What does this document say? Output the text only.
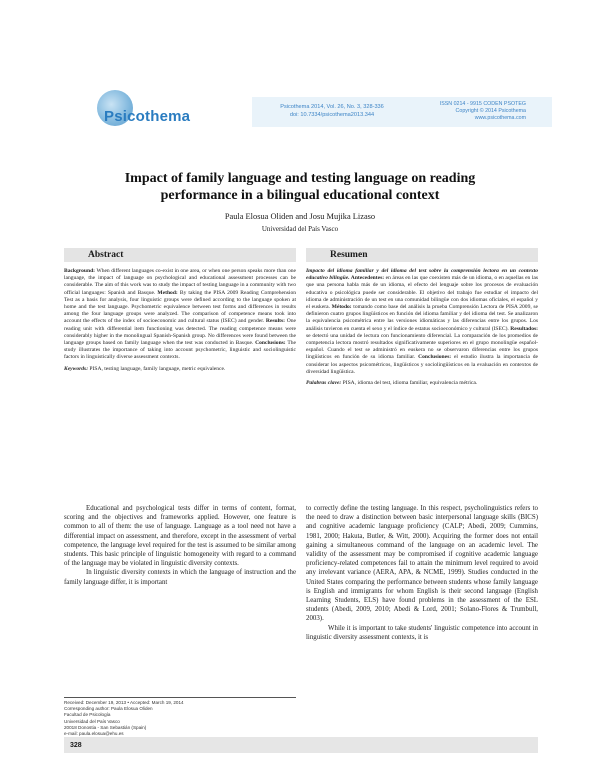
Psicothema
Psicothema 2014, Vol. 26, No. 3, 328-336
doi: 10.7334/psicothema2013.344
ISSN 0214 - 9915 CODEN PSOTEG
Copyright © 2014 Psicothema
www.psicothema.com
Impact of family language and testing language on reading performance in a bilingual educational context
Paula Elosua Oliden and Josu Mujika Lizaso
Universidad del País Vasco
Abstract	Resumen
Background: When different languages co-exist in one area, or when one person speaks more than one language, the impact of language on psychological and educational assessment processes can be considerable. The aim of this work was to study the impact of testing language in a community with two official languages: Spanish and Basque. Method: By taking the PISA 2009 Reading Comprehension Test as a basis for analysis, four linguistic groups were defined according to the language spoken at home and the test language. Psychometric equivalence between test forms and differences in results among the four language groups were analyzed. The comparison of competence means took into account the effects of the index of socioeconomic and cultural status (ISEC) and gender. Results: One reading unit with differential item functioning was detected. The reading competence means were considerably higher in the monolingual Spanish-Spanish group. No differences were found between the language groups based on family language when the test was conducted in Basque. Conclusions: The study illustrates the importance of taking into account psychometric, linguistic and sociolinguistic factors in linguistically diverse assessment contexts.
Keywords: PISA, testing language, family language, metric equivalence.
Impacto del idioma familiar y del idioma del test sobre la comprensión lectora en un contexto educativo bilingüe. Antecedentes: en áreas en las que coexisten más de un idioma, o en aquellas en las que una persona habla más de un idioma, el efecto del lenguaje sobre los procesos de evaluación educativa o psicológica puede ser considerable. El objetivo del trabajo fue estudiar el impacto del idioma de administración de un test en una comunidad bilingüe con dos idiomas oficiales, el español y el euskera. Método: tomando como base del análisis la prueba Comprensión Lectora de PISA 2009, se definieron cuatro grupos lingüísticos en función del idioma familiar y del idioma del test. Se analizaron la equivalencia psicométrica entre las versiones idiomáticas y las diferencias entre los grupos. Los análisis tuvieron en cuenta el sexo y el índice de estatus socioeconómico y cultural (ISEC). Resultados: se detectó una unidad de lectura con funcionamiento diferencial. La comparación de los promedios de competencia lectora mostró resultados significativamente superiores en el grupo monolingüe español-español. Cuando el test se administró en euskera no se observaron diferencias entre los grupos lingüísticos en función de su idioma familiar. Conclusiones: el estudio ilustra la importancia de considerar los aspectos psicométricos, lingüísticos y sociolingüísticos en la evaluación en contextos de diversidad lingüística.
Palabras clave: PISA, idioma del test, idioma familiar, equivalencia métrica.

Educational and psychological tests differ in terms of content, format, scoring and the objectives and frameworks applied. However, one feature is common to all of them: the use of language. Language as a tool need not have a differential impact on assessment, and therefore, except in the assessment of verbal competence, the language level required for the test is assumed to be similar among students. This basic principle of linguistic homogeneity with regard to a command of the language may be violated in linguistic diversity contexts.

In linguistic diversity contexts in which the language of instruction and the family language differ, it is important

to correctly define the testing language. In this respect, psycholinguistics refers to the need to draw a distinction between basic interpersonal language skills (BICS) and cognitive academic language proficiency (CALP; Abedi, 2009; Cummins, 1981, 2000; Hakuta, Butler, & Witt, 2000). Acquiring the former does not entail gaining a simultaneous command of the language on an academic level. The validity of the assessment may be compromised if cognitive academic language proficiency-related competences fail to attain the minimum level required to avoid any irrelevant variance (AERA, APA, & NCME, 1999). Studies conducted in the United States comparing the performance between students whose family language is English and immigrants for whom English is their second language (English Learning Students, ELS) have found problems in the assessment of the ESL students (Abedi, 2009, 2010; Abedi & Lord, 2001; Solano-Flores & Trumbull, 2003).

While it is important to take students' linguistic competence into account in linguistic diversity assessment contexts, it is

Received: December 19, 2013 • Accepted: March 19, 2014
Corresponding author: Paula Elosua Oliden
Facultad de Psicología
Universidad del País Vasco
20018 Donostia - San Sebastián (Spain)
e-mail: paula.elosua@ehu.es
328
